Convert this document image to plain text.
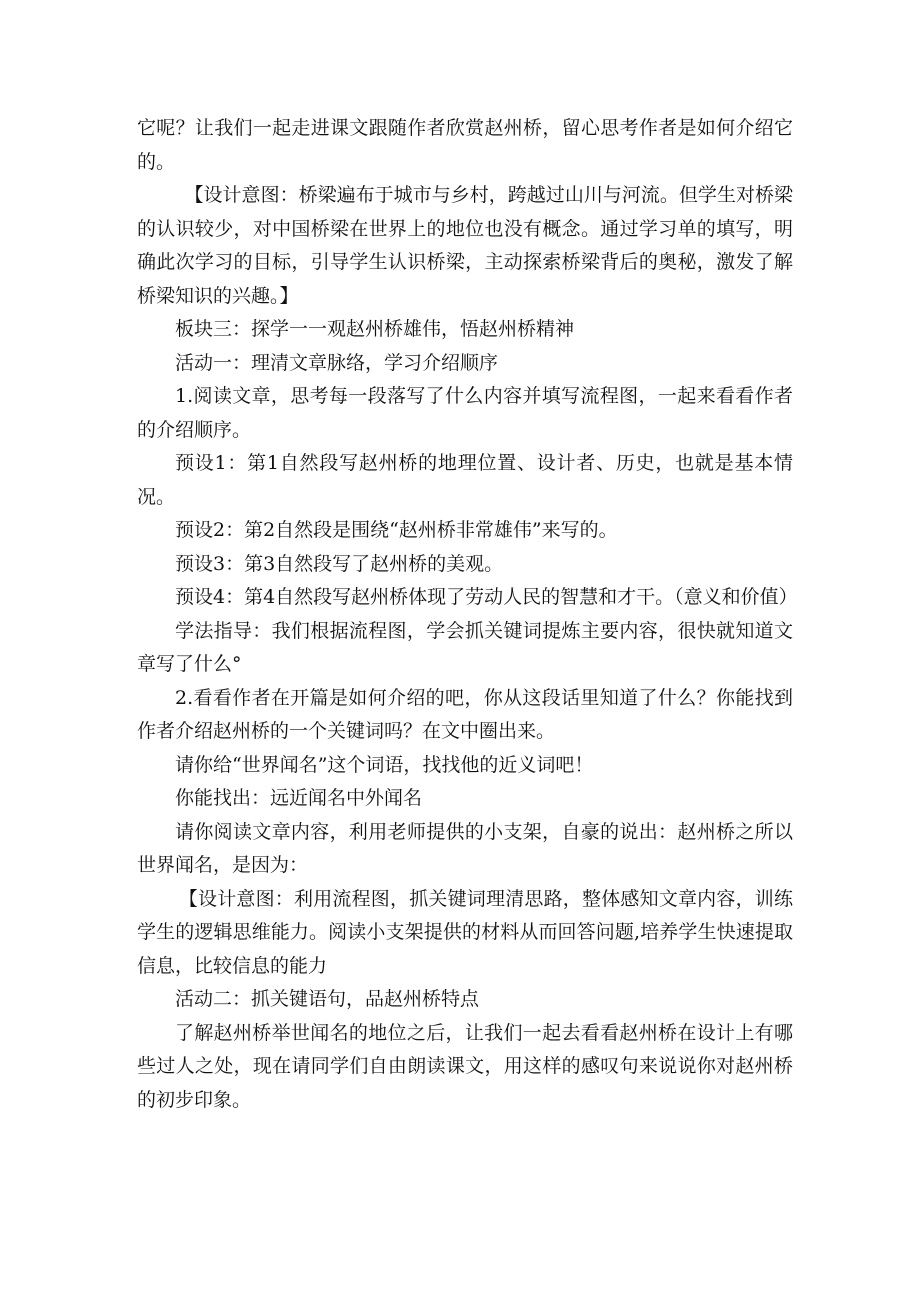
它呢？让我们一起走进课文跟随作者欣赏赵州桥，留心思考作者是如何介绍它的。

【设计意图：桥梁遍布于城市与乡村，跨越过山川与河流。但学生对桥梁的认识较少，对中国桥梁在世界上的地位也没有概念。通过学习单的填写，明确此次学习的目标，引导学生认识桥梁，主动探索桥梁背后的奥秘，激发了解桥梁知识的兴趣。】

板块三：探学一一观赵州桥雄伟，悟赵州桥精神

活动一：理清文章脉络，学习介绍顺序

1.阅读文章，思考每一段落写了什么内容并填写流程图，一起来看看作者的介绍顺序。

预设1：第1自然段写赵州桥的地理位置、设计者、历史，也就是基本情况。

预设2：第2自然段是围绕“赵州桥非常雄伟”来写的。

预设3：第3自然段写了赵州桥的美观。

预设4：第4自然段写赵州桥体现了劳动人民的智慧和才干。（意义和价值）

学法指导：我们根据流程图，学会抓关键词提炼主要内容，很快就知道文章写了什么°

2.看看作者在开篇是如何介绍的吧，你从这段话里知道了什么？你能找到作者介绍赵州桥的一个关键词吗？在文中圈出来。

请你给“世界闻名”这个词语，找找他的近义词吧！

你能找出：远近闻名中外闻名

请你阅读文章内容，利用老师提供的小支架，自豪的说出：赵州桥之所以世界闻名，是因为：

【设计意图：利用流程图，抓关键词理清思路，整体感知文章内容，训练学生的逻辑思维能力。阅读小支架提供的材料从而回答问题,培养学生快速提取信息，比较信息的能力

活动二：抓关键语句，品赵州桥特点

了解赵州桥举世闻名的地位之后，让我们一起去看看赵州桥在设计上有哪些过人之处，现在请同学们自由朗读课文，用这样的感叹句来说说你对赵州桥的初步印象。
